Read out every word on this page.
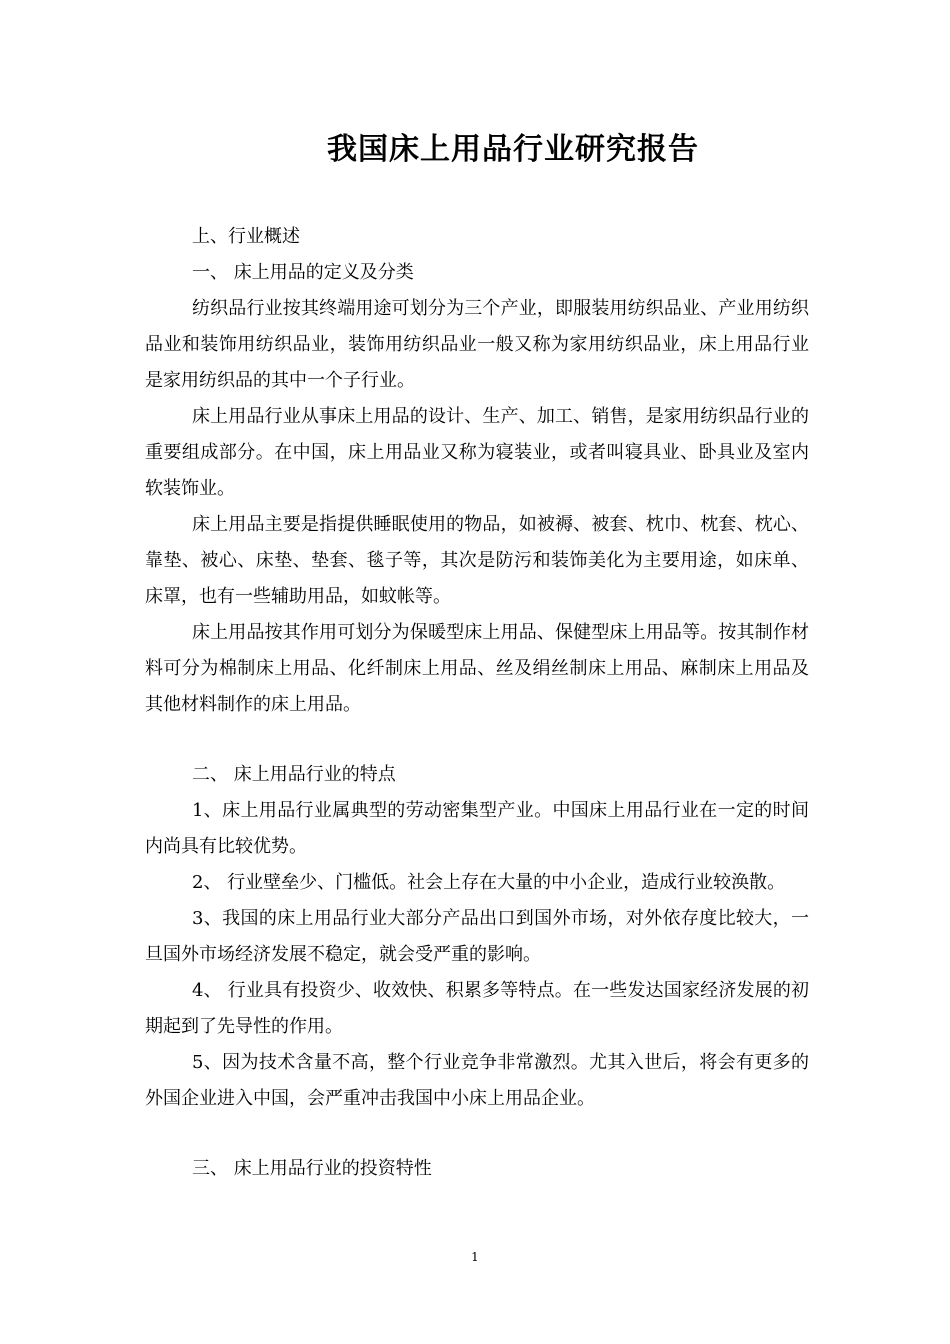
我国床上用品行业研究报告

上、行业概述

一、 床上用品的定义及分类

纺织品行业按其终端用途可划分为三个产业，即服装用纺织品业、产业用纺织品业和装饰用纺织品业，装饰用纺织品业一般又称为家用纺织品业，床上用品行业是家用纺织品的其中一个子行业。

床上用品行业从事床上用品的设计、生产、加工、销售，是家用纺织品行业的重要组成部分。在中国，床上用品业又称为寝装业，或者叫寝具业、卧具业及室内软装饰业。

床上用品主要是指提供睡眠使用的物品，如被褥、被套、枕巾、枕套、枕心、靠垫、被心、床垫、垫套、毯子等，其次是防污和装饰美化为主要用途，如床单、床罩，也有一些辅助用品，如蚊帐等。

床上用品按其作用可划分为保暖型床上用品、保健型床上用品等。按其制作材料可分为棉制床上用品、化纤制床上用品、丝及绢丝制床上用品、麻制床上用品及其他材料制作的床上用品。

二、 床上用品行业的特点

1、床上用品行业属典型的劳动密集型产业。中国床上用品行业在一定的时间内尚具有比较优势。

2、 行业壁垒少、门槛低。社会上存在大量的中小企业，造成行业较涣散。

3、我国的床上用品行业大部分产品出口到国外市场，对外依存度比较大，一旦国外市场经济发展不稳定，就会受严重的影响。

4、 行业具有投资少、收效快、积累多等特点。在一些发达国家经济发展的初期起到了先导性的作用。

5、因为技术含量不高，整个行业竞争非常激烈。尤其入世后，将会有更多的外国企业进入中国，会严重冲击我国中小床上用品企业。

三、 床上用品行业的投资特性

1
